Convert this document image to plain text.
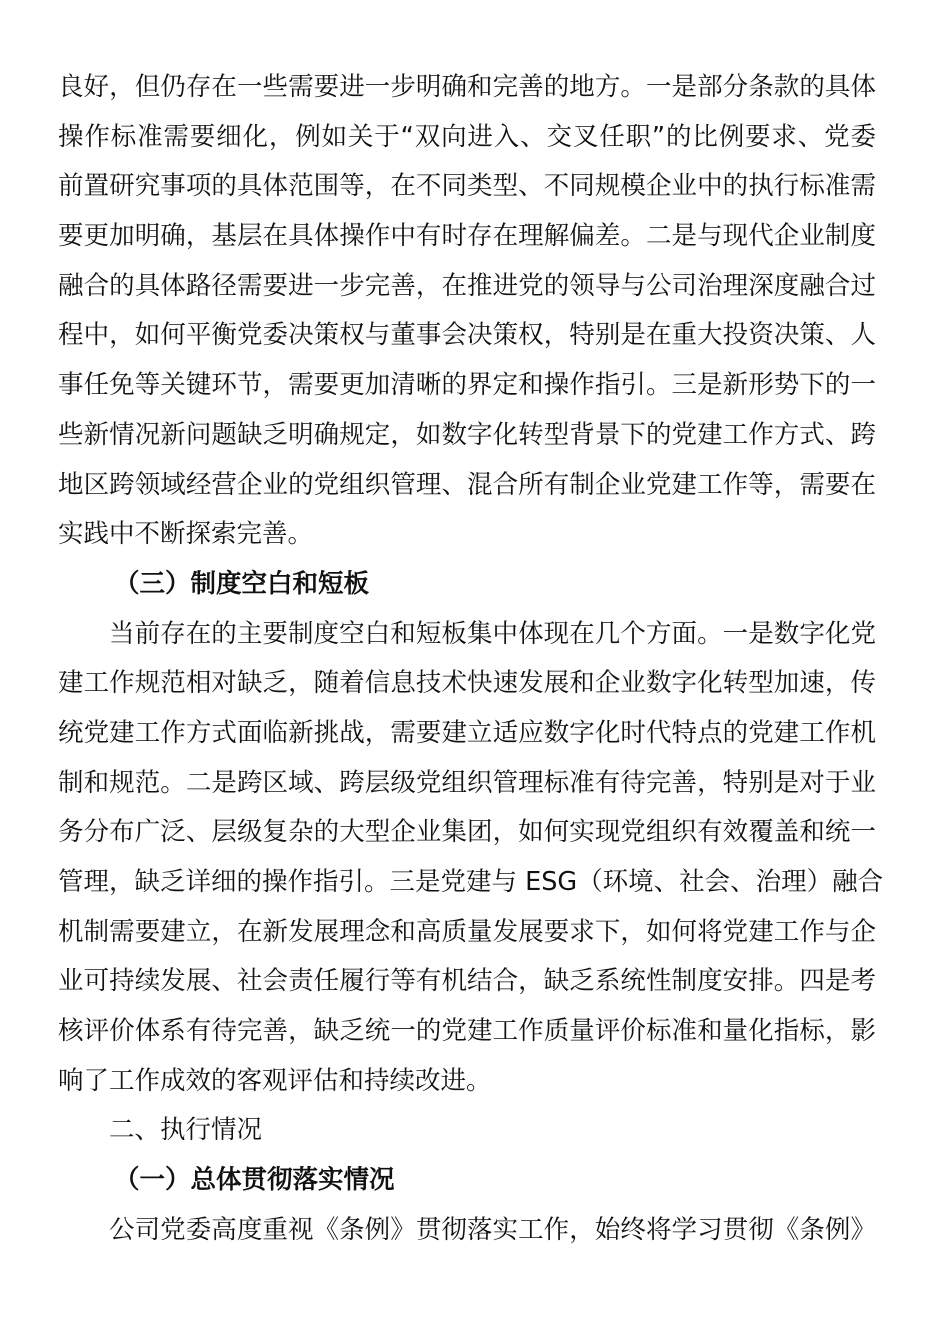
良好，但仍存在一些需要进一步明确和完善的地方。一是部分条款的具体
操作标准需要细化，例如关于“双向进入、交叉任职”的比例要求、党委
前置研究事项的具体范围等，在不同类型、不同规模企业中的执行标准需
要更加明确，基层在具体操作中有时存在理解偏差。二是与现代企业制度
融合的具体路径需要进一步完善，在推进党的领导与公司治理深度融合过
程中，如何平衡党委决策权与董事会决策权，特别是在重大投资决策、人
事任免等关键环节，需要更加清晰的界定和操作指引。三是新形势下的一
些新情况新问题缺乏明确规定，如数字化转型背景下的党建工作方式、跨
地区跨领域经营企业的党组织管理、混合所有制企业党建工作等，需要在
实践中不断探索完善。
（三）制度空白和短板
当前存在的主要制度空白和短板集中体现在几个方面。一是数字化党
建工作规范相对缺乏，随着信息技术快速发展和企业数字化转型加速，传
统党建工作方式面临新挑战，需要建立适应数字化时代特点的党建工作机
制和规范。二是跨区域、跨层级党组织管理标准有待完善，特别是对于业
务分布广泛、层级复杂的大型企业集团，如何实现党组织有效覆盖和统一
管理，缺乏详细的操作指引。三是党建与 ESG（环境、社会、治理）融合
机制需要建立，在新发展理念和高质量发展要求下，如何将党建工作与企
业可持续发展、社会责任履行等有机结合，缺乏系统性制度安排。四是考
核评价体系有待完善，缺乏统一的党建工作质量评价标准和量化指标，影
响了工作成效的客观评估和持续改进。
二、执行情况
（一）总体贯彻落实情况
公司党委高度重视《条例》贯彻落实工作，始终将学习贯彻《条例》
